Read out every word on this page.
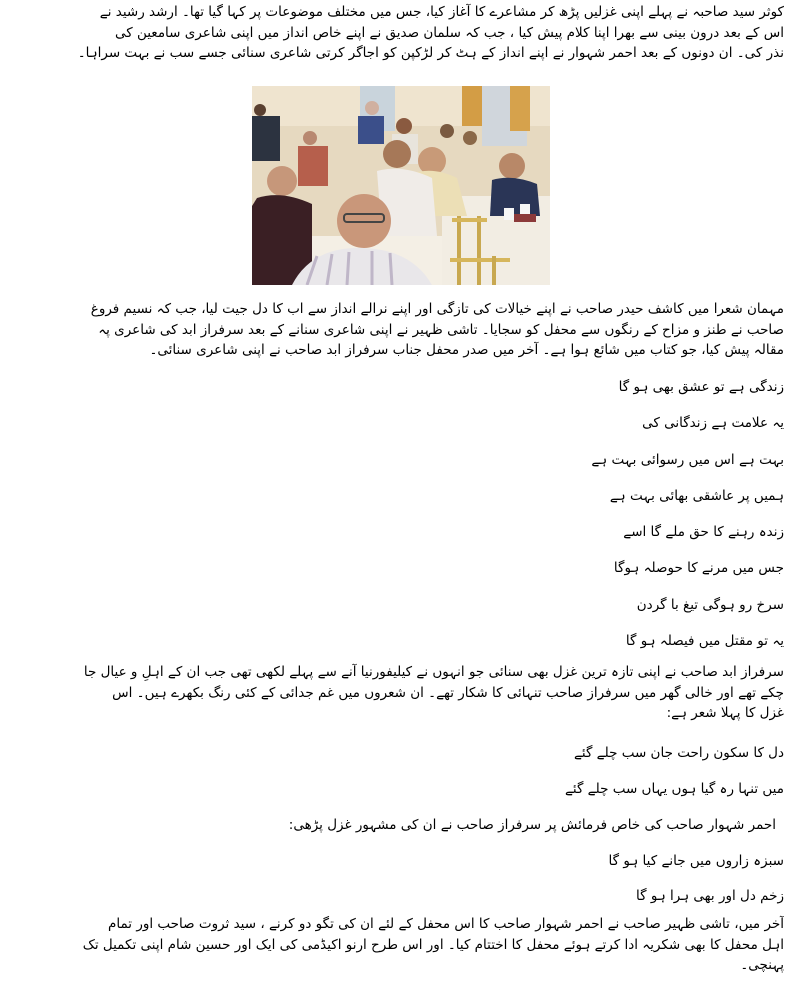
کوثر سید صاحبہ نے پہلے اپنی غزلیں پڑھ کر مشاعرے کا آغاز کیا، جس میں مختلف موضوعات پر کہا گیا تھا۔ ارشد رشید نے
اس کے بعد درون بینی سے بھرا اپنا کلام پیش کیا ، جب کہ سلمان صدیق نے اپنے خاص انداز میں اپنی شاعری سامعین کی
نذر کی۔ ان دونوں کے بعد احمر شہوار نے اپنے انداز کے ہٹ کر لڑکپن کو اجاگر کرتی شاعری سنائی جسے سب نے بہت سراہا۔
مہمان شعرا میں کاشف حیدر صاحب نے اپنے خیالات کی تازگی اور اپنے نرالے انداز سے اب کا دل جیت لیا، جب کہ نسیم فروغ
صاحب نے طنز و مزاح کے رنگوں سے محفل کو سجایا۔ تاشی ظہیر نے اپنی شاعری سنانے کے بعد سرفراز ابد کی شاعری پہ
مقالہ پیش کیا، جو کتاب میں شائع ہوا ہے۔ آخر میں صدر محفل جناب سرفراز ابد صاحب نے اپنی شاعری سنائی۔
زندگی ہے تو عشق بھی ہو گا
یہ علامت ہے زندگانی کی
بہت ہے اس میں رسوائی بہت ہے
ہمیں پر عاشقی بھائی بہت ہے
زندہ رہنے کا حق ملے گا اسے
جس میں مرنے کا حوصلہ ہوگا
سرخ رو ہوگی تیغ با گردن
یہ تو مقتل میں فیصلہ ہو گا
سرفراز ابد صاحب نے اپنی تازہ ترین غزل بھی سنائی جو انہوں نے کیلیفورنیا آنے سے پہلے لکھی تھی جب ان کے اہلِ و عیال جا
چکے تھے اور خالی گھر میں سرفراز صاحب تنہائی کا شکار تھے۔ ان شعروں میں غم جدائی کے کئی رنگ بکھرے ہیں۔ اس
غزل کا پہلا شعر ہے:
دل کا سکون راحت جان سب چلے گئے
میں تنہا رہ گیا ہوں یہاں سب چلے گئے
احمر شہوار صاحب کی خاص فرمائش پر سرفراز صاحب نے ان کی مشہور غزل پڑھی:
سبزہ زاروں میں جانے کیا ہو گا
زخم دل اور بھی ہرا ہو گا
آخر میں، تاشی ظہیر صاحب نے احمر شہوار صاحب کا اس محفل کے لئے ان کی تگو دو کرنے ، سید ثروت صاحب اور تمام
اہل محفل کا بھی شکریہ ادا کرتے ہوئے محفل کا اختتام کیا۔ اور اس طرح ارنو اکیڈمی کی ایک اور حسین شام اپنی تکمیل تک
پہنچی۔
